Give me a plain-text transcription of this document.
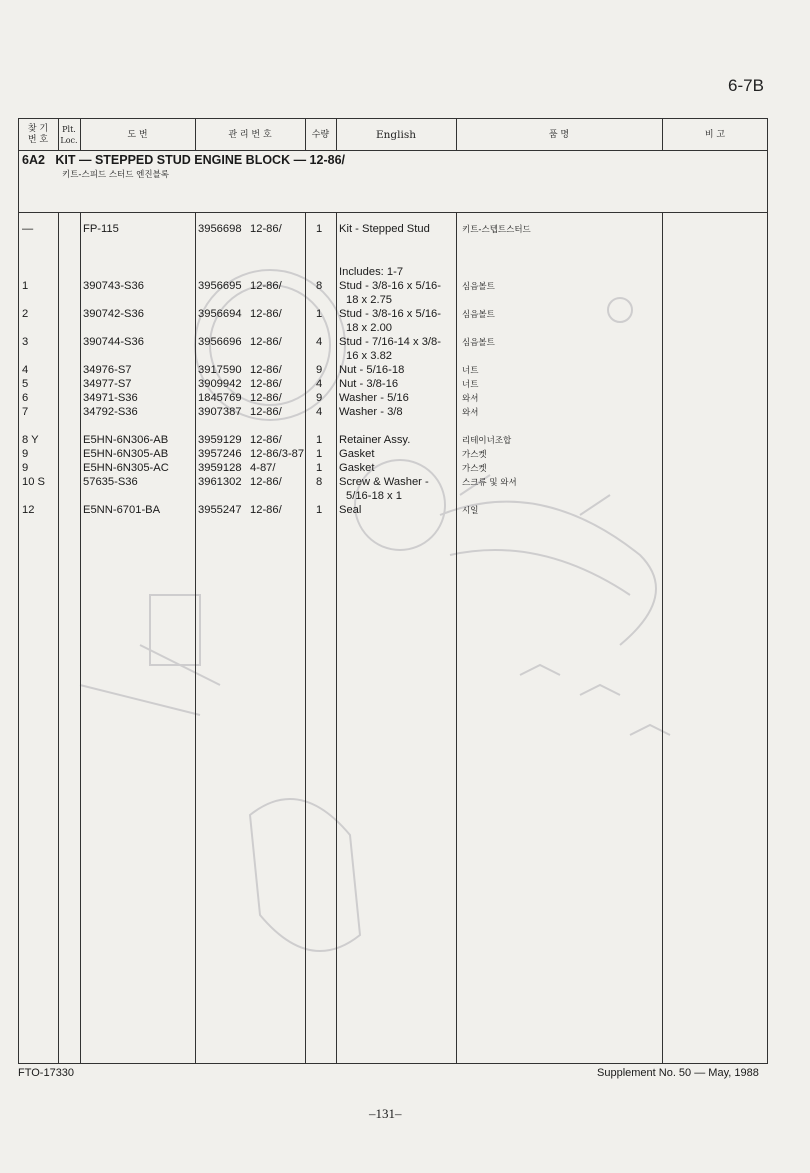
6-7B
찾 기
번 호
Plt.
Loc.
도 번	관 리 번 호	수량	English	품 명	비 고
6A2 KIT — STEPPED STUD ENGINE BLOCK — 12-86/
키트-스피드 스터드 엔진블록
—	FP-115	3956698 12-86/	1 Kit - Stepped Stud	키트-스텝트스터드
Includes: 1-7
1	390743-S36	3956695 12-86/	8 Stud - 3/8-16 x 5/16- 심음볼트
18 x 2.75
2	390742-S36	3956694 12-86/	1 Stud - 3/8-16 x 5/16- 심음볼트
18 x 2.00
3	390744-S36	3956696 12-86/	4 Stud - 7/16-14 x 3/8- 심음볼트
16 x 3.82
4	34976-S7	3917590 12-86/	9 Nut - 5/16-18	너트
5	34977-S7	3909942 12-86/	4 Nut - 3/8-16	너트
6	34971-S36	1845769 12-86/	9 Washer - 5/16	와셔
7	34792-S36	3907387 12-86/	4 Washer - 3/8	와셔
8 Y	E5HN-6N306-AB	3959129 12-86/	1 Retainer Assy.	리테이너조합
9	E5HN-6N305-AB	3957246 12-86/3-87 1 Gasket	가스켓
9	E5HN-6N305-AC	3959128 4-87/	1 Gasket	가스켓
10 S	57635-S36	3961302 12-86/	8 Screw & Washer -	스크류 및 와셔
5/16-18 x 1
12	E5NN-6701-BA	3955247 12-86/	1 Seal	시일
FTO-17330	Supplement No. 50 — May, 1988
–131–
